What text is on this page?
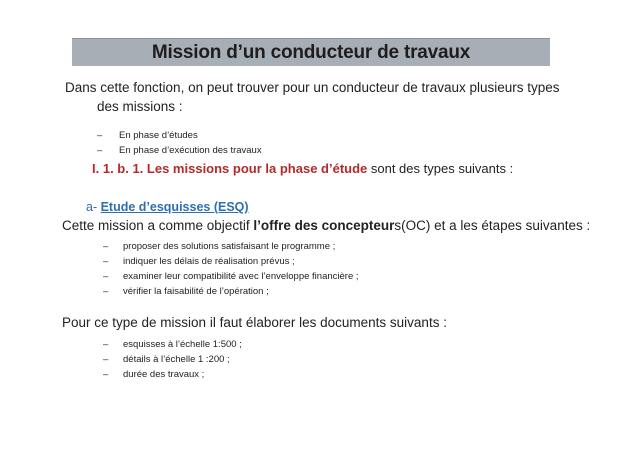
Mission d’un conducteur de travaux
Dans cette fonction, on peut trouver pour un conducteur de travaux plusieurs types
des missions :
– En phase d’études
– En phase d’exécution des travaux
I. 1. b. 1. Les missions pour la phase d’étude sont des types suivants :
a- Etude d’esquisses (ESQ)
Cette mission a comme objectif l’offre des concepteurs(OC) et a les étapes suivantes :
– proposer des solutions satisfaisant le programme ;
– indiquer les délais de réalisation prévus ;
– examiner leur compatibilité avec l’enveloppe financière ;
– vérifier la faisabilité de l’opération ;
Pour ce type de mission il faut élaborer les documents suivants :
– esquisses à l’échelle 1:500 ;
– détails à l’échelle 1 :200 ;
– durée des travaux ;
